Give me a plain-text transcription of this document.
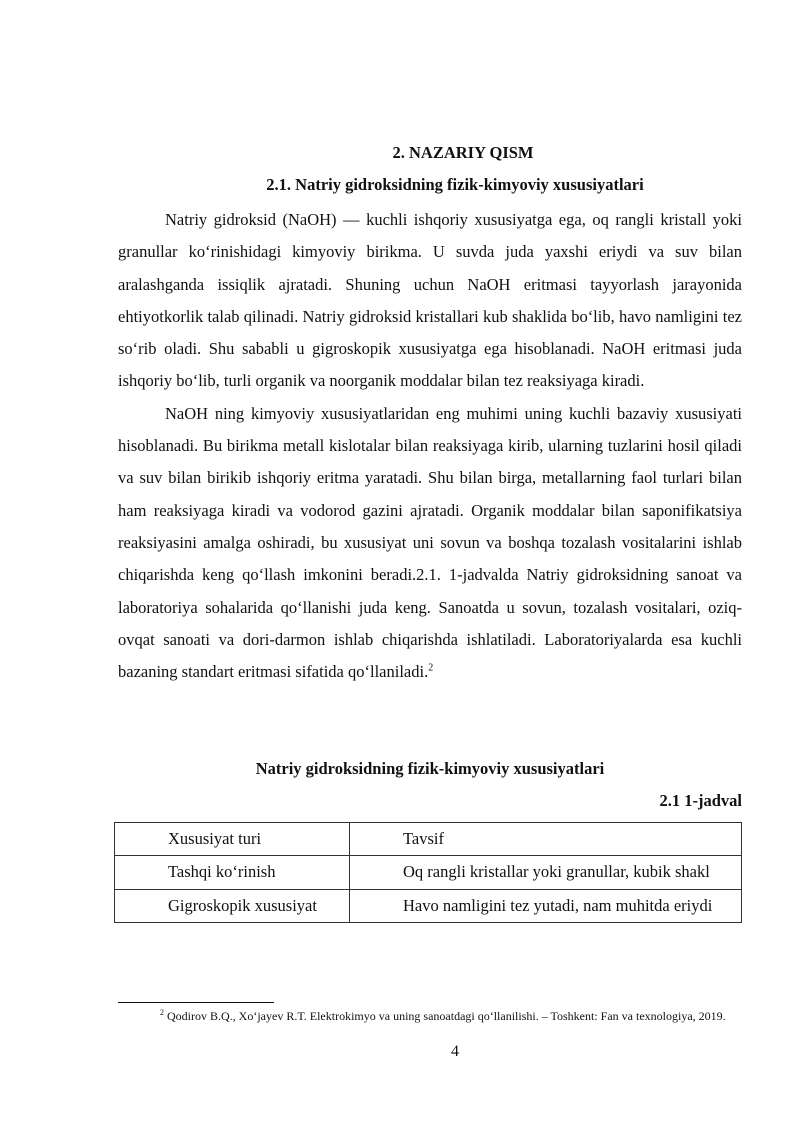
2. NAZARIY QISM
2.1. Natriy gidroksidning fizik-kimyoviy xususiyatlari

Natriy gidroksid (NaOH) — kuchli ishqoriy xususiyatga ega, oq rangli kristall yoki granullar koʻrinishidagi kimyoviy birikma. U suvda juda yaxshi eriydi va suv bilan aralashganda issiqlik ajratadi. Shuning uchun NaOH eritmasi tayyorlash jarayonida ehtiyotkorlik talab qilinadi. Natriy gidroksid kristallari kub shaklida boʻlib, havo namligini tez soʻrib oladi. Shu sababli u gigroskopik xususiyatga ega hisoblanadi. NaOH eritmasi juda ishqoriy boʻlib, turli organik va noorganik moddalar bilan tez reaksiyaga kiradi.

NaOH ning kimyoviy xususiyatlaridan eng muhimi uning kuchli bazaviy xususiyati hisoblanadi. Bu birikma metall kislotalar bilan reaksiyaga kirib, ularning tuzlarini hosil qiladi va suv bilan birikib ishqoriy eritma yaratadi. Shu bilan birga, metallarning faol turlari bilan ham reaksiyaga kiradi va vodorod gazini ajratadi. Organik moddalar bilan saponifikatsiya reaksiyasini amalga oshiradi, bu xususiyat uni sovun va boshqa tozalash vositalarini ishlab chiqarishda keng qoʻllash imkonini beradi.2.1. 1-jadvalda Natriy gidroksidning sanoat va laboratoriya sohalarida qoʻllanishi juda keng. Sanoatda u sovun, tozalash vositalari, oziq-ovqat sanoati va dori-darmon ishlab chiqarishda ishlatiladi. Laboratoriyalarda esa kuchli bazaning standart eritmasi sifatida qoʻllaniladi.$^2$

Natriy gidroksidning fizik-kimyoviy xususiyatlari
2.1 1-jadval
Xususiyat turi	Tavsif

Tashqi koʻrinish	Oq rangli kristallar yoki granullar, kubik shakl

Gigroskopik xususiyat	Havo namligini tez yutadi, nam muhitda eriydi
$^2$ Qodirov B.Q., Xoʻjayev R.T. Elektrokimyo va uning sanoatdagi qoʻllanilishi. – Toshkent: Fan va texnologiya, 2019.
4
